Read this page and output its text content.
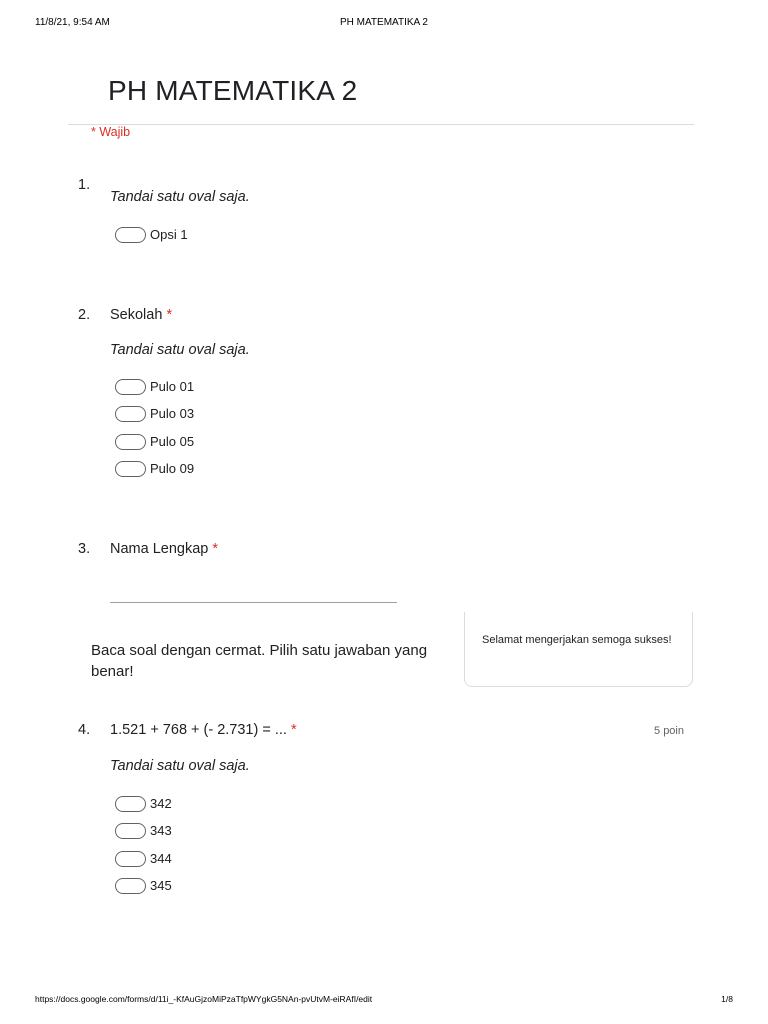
11/8/21, 9:54 AM	PH MATEMATIKA 2
PH MATEMATIKA 2
* Wajib
1.
Tandai satu oval saja.
Opsi 1
2. Sekolah *
Tandai satu oval saja.
Pulo 01
Pulo 03
Pulo 05
Pulo 09
3. Nama Lengkap *
Baca soal dengan cermat. Pilih satu jawaban yang benar!
Selamat mengerjakan semoga sukses!
4. 1.521 + 768 + (- 2.731) = ... *	5 poin
Tandai satu oval saja.
342
343
344
345
https://docs.google.com/forms/d/11i_-KfAuGjzoMiPzaTfpWYgkG5NAn-pvUtvM-eiRAfI/edit	1/8
